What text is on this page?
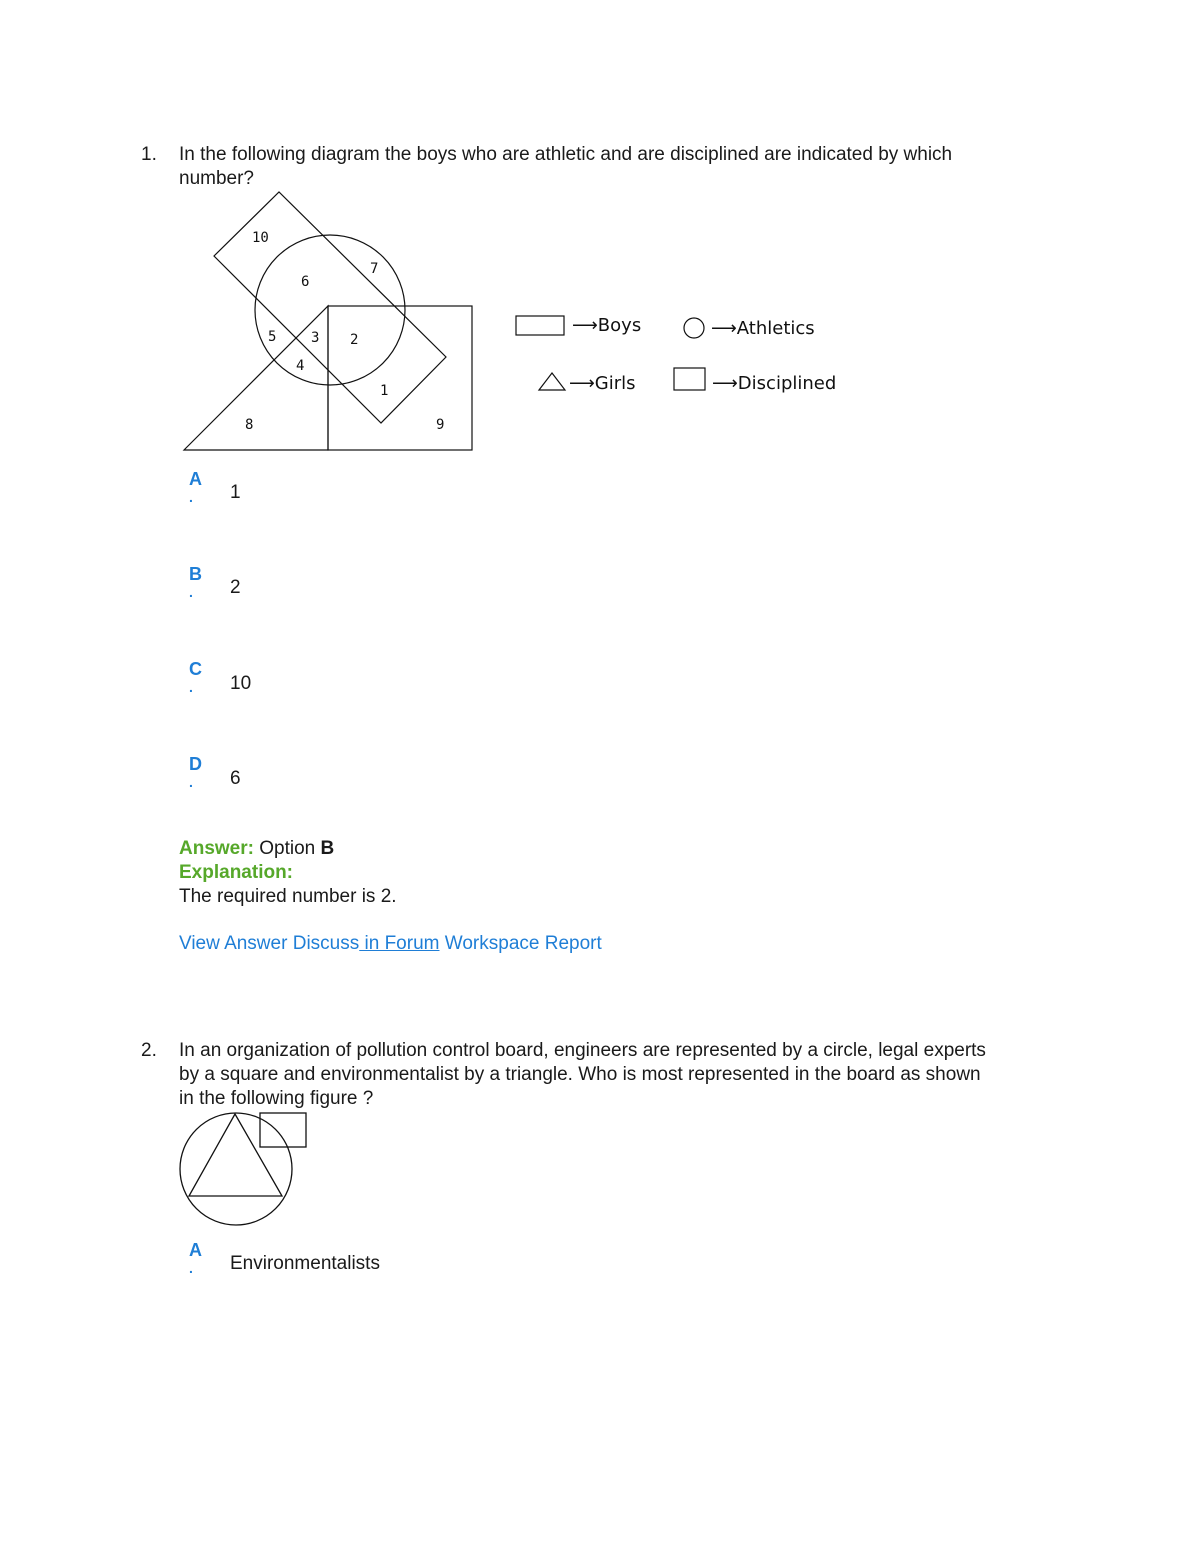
1. In the following diagram the boys who are athletic and are disciplined are indicated by which
number?
10
6
7
5 3 2
4
1
8	9
⟶Boys	⟶Athletics
⟶Girls	⟶Disciplined
A
.	1
B
.	2
C
.	10
D
.	6
Answer: Option B
Explanation:
The required number is 2.
View Answer Discuss in Forum Workspace Report
2. In an organization of pollution control board, engineers are represented by a circle, legal experts
by a square and environmentalist by a triangle. Who is most represented in the board as shown
in the following figure ?
A
.	Environmentalists
